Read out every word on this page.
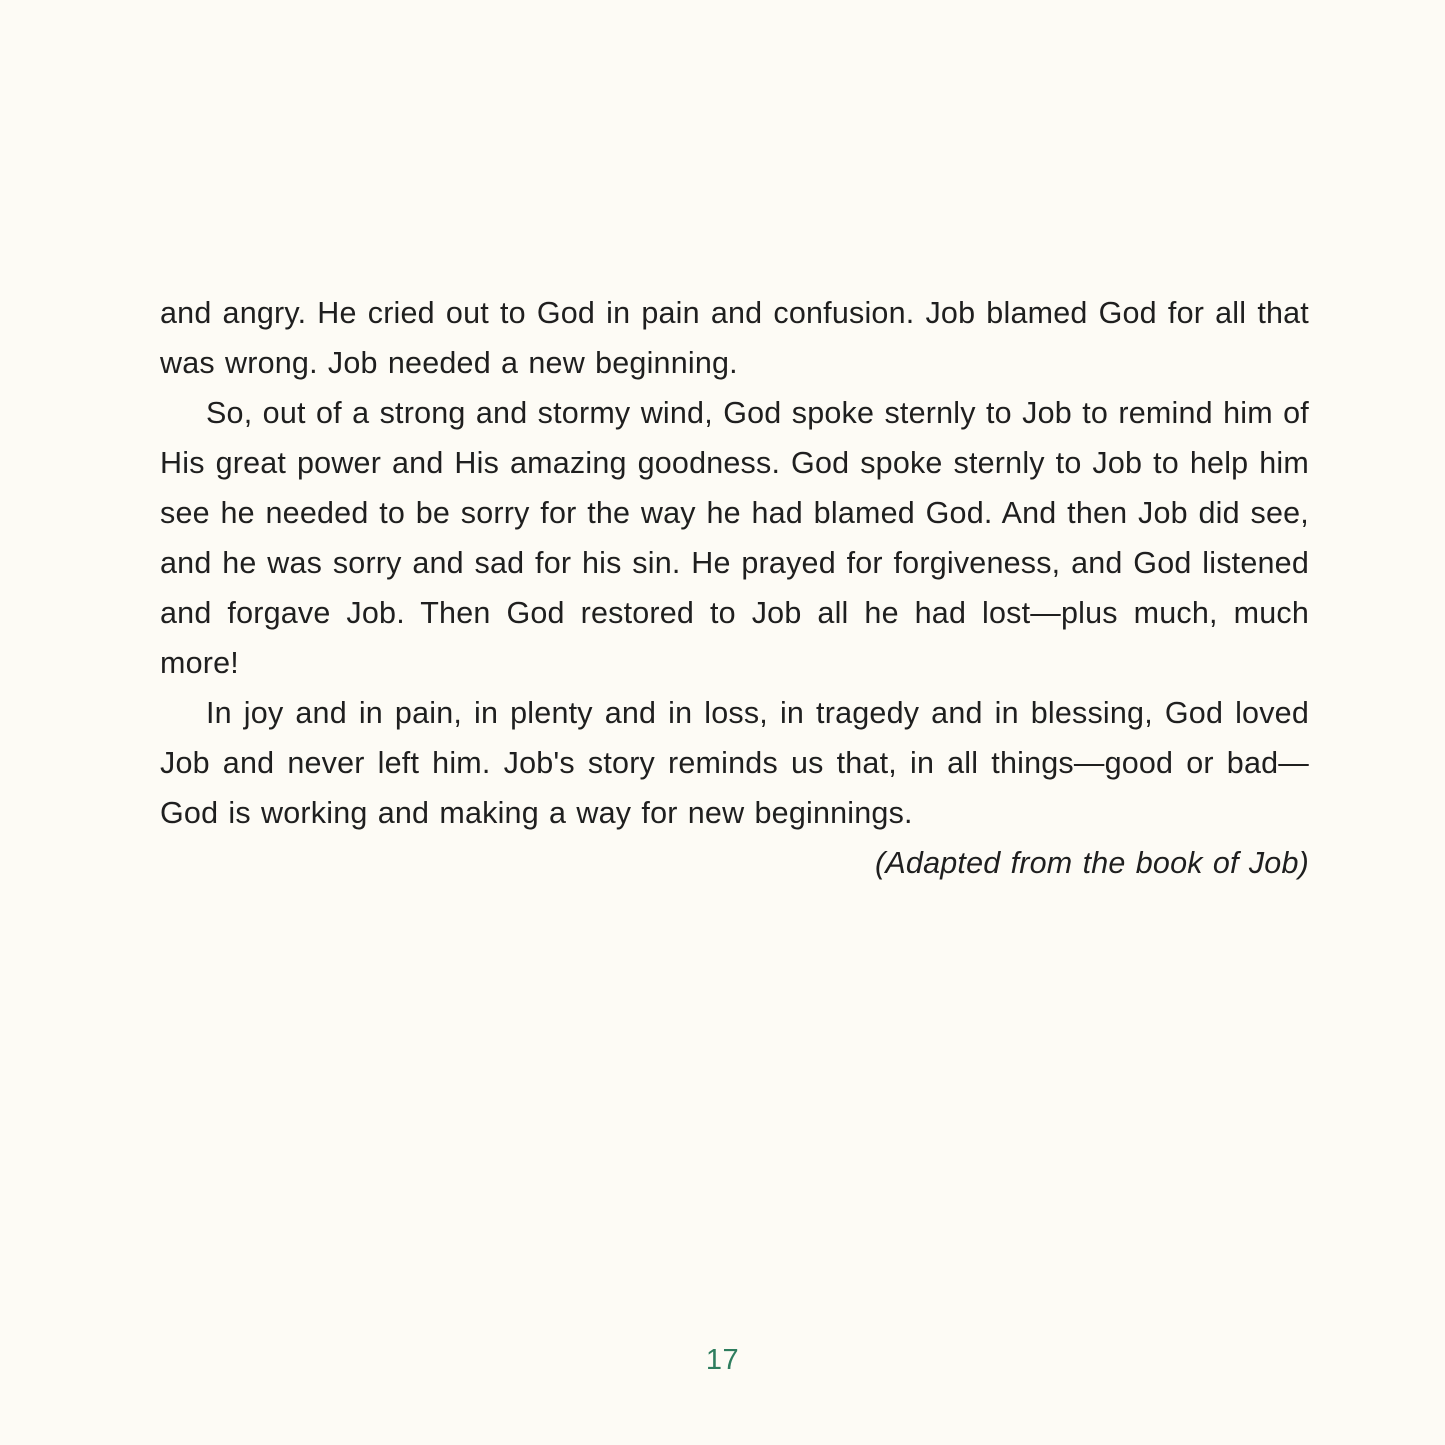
and angry. He cried out to God in pain and confusion. Job blamed God for all that was wrong. Job needed a new beginning.

So, out of a strong and stormy wind, God spoke sternly to Job to remind him of His great power and His amazing goodness. God spoke sternly to Job to help him see he needed to be sorry for the way he had blamed God. And then Job did see, and he was sorry and sad for his sin. He prayed for forgiveness, and God listened and forgave Job. Then God restored to Job all he had lost—plus much, much more!

In joy and in pain, in plenty and in loss, in tragedy and in blessing, God loved Job and never left him. Job's story reminds us that, in all things—good or bad—God is working and making a way for new beginnings.

(Adapted from the book of Job)

17
